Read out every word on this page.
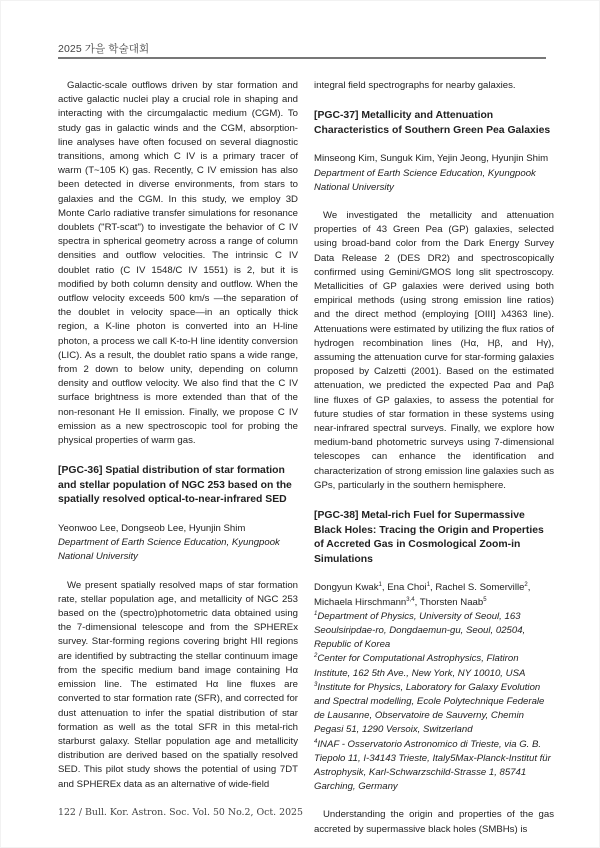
2025 가을 학술대회

Galactic-scale outflows driven by star formation and active galactic nuclei play a crucial role in shaping and interacting with the circumgalactic medium (CGM). To study gas in galactic winds and the CGM, absorption-line analyses have often focused on several diagnostic transitions, among which C IV is a primary tracer of warm (T~105 K) gas. Recently, C IV emission has also been detected in diverse environments, from stars to galaxies and the CGM. In this study, we employ 3D Monte Carlo radiative transfer simulations for resonance doublets ("RT-scat") to investigate the behavior of C IV spectra in spherical geometry across a range of column densities and outflow velocities. The intrinsic C IV doublet ratio (C IV 1548/C IV 1551) is 2, but it is modified by both column density and outflow. When the outflow velocity exceeds 500 km/s —the separation of the doublet in velocity space—in an optically thick region, a K-line photon is converted into an H-line photon, a process we call K-to-H line identity conversion (LIC). As a result, the doublet ratio spans a wide range, from 2 down to below unity, depending on column density and outflow velocity. We also find that the C IV surface brightness is more extended than that of the non-resonant He II emission. Finally, we propose C IV emission as a new spectroscopic tool for probing the physical properties of warm gas.

[PGC-36] Spatial distribution of star formation and stellar population of NGC 253 based on the spatially resolved optical-to-near-infrared SED

Yeonwoo Lee, Dongseob Lee, Hyunjin Shim

Department of Earth Science Education, Kyungpook National University

We present spatially resolved maps of star formation rate, stellar population age, and metallicity of NGC 253 based on the (spectro)photometric data obtained using the 7-dimensional telescope and from the SPHEREx survey. Star-forming regions covering bright HII regions are identified by subtracting the stellar continuum image from the specific medium band image containing Hα emission line. The estimated Hα line fluxes are converted to star formation rate (SFR), and corrected for dust attenuation to infer the spatial distribution of star formation as well as the total SFR in this metal-rich starburst galaxy. Stellar population age and metallicity distribution are derived based on the spatially resolved SED. This pilot study shows the potential of using 7DT and SPHEREx data as an alternative of wide-field

integral field spectrographs for nearby galaxies.

[PGC-37] Metallicity and Attenuation Characteristics of Southern Green Pea Galaxies

Minseong Kim, Sunguk Kim, Yejin Jeong, Hyunjin Shim

Department of Earth Science Education, Kyungpook National University

We investigated the metallicity and attenuation properties of 43 Green Pea (GP) galaxies, selected using broad-band color from the Dark Energy Survey Data Release 2 (DES DR2) and spectroscopically confirmed using Gemini/GMOS long slit spectroscopy. Metallicities of GP galaxies were derived using both empirical methods (using strong emission line ratios) and the direct method (employing [OIII] λ4363 line). Attenuations were estimated by utilizing the flux ratios of hydrogen recombination lines (Hα, Hβ, and Hγ), assuming the attenuation curve for star-forming galaxies proposed by Calzetti (2001). Based on the estimated attenuation, we predicted the expected Paα and Paβ line fluxes of GP galaxies, to assess the potential for future studies of star formation in these systems using near-infrared spectral surveys. Finally, we explore how medium-band photometric surveys using 7-dimensional telescopes can enhance the identification and characterization of strong emission line galaxies such as GPs, particularly in the southern hemisphere.

[PGC-38] Metal-rich Fuel for Supermassive Black Holes: Tracing the Origin and Properties of Accreted Gas in Cosmological Zoom-in Simulations

Dongyun Kwak$^1$, Ena Choi$^1$, Rachel S. Somerville$^2$, Michaela Hirschmann$^{3,4}$, Thorsten Naab$^5$

$^1$Department of Physics, University of Seoul, 163 Seoulsiripdae-ro, Dongdaemun-gu, Seoul, 02504, Republic of Korea

$^2$Center for Computational Astrophysics, Flatiron Institute, 162 5th Ave., New York, NY 10010, USA

$^3$Institute for Physics, Laboratory for Galaxy Evolution and Spectral modelling, Ecole Polytechnique Federale de Lausanne, Observatoire de Sauverny, Chemin Pegasi 51, 1290 Versoix, Switzerland

$^4$INAF - Osservatorio Astronomico di Trieste, via G. B. Tiepolo 11, I-34143 Trieste, Italy5Max-Planck-Institut für Astrophysik, Karl-Schwarzschild-Strasse 1, 85741 Garching, Germany

Understanding the origin and properties of the gas accreted by supermassive black holes (SMBHs) is

122 / Bull. Kor. Astron. Soc. Vol. 50 No.2, Oct. 2025
